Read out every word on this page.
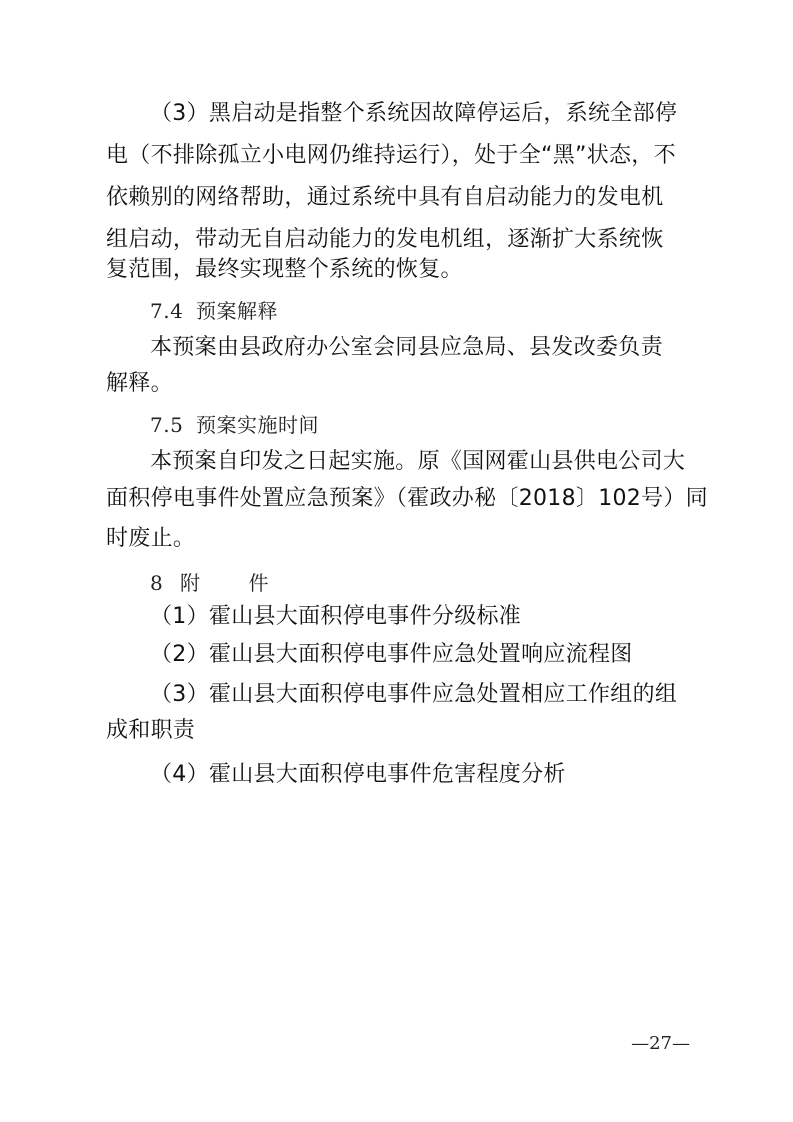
（3）黑启动是指整个系统因故障停运后，系统全部停
电（不排除孤立小电网仍维持运行），处于全“黑”状态，不
依赖别的网络帮助，通过系统中具有自启动能力的发电机
组启动，带动无自启动能力的发电机组，逐渐扩大系统恢
复范围，最终实现整个系统的恢复。
7.4 预案解释
本预案由县政府办公室会同县应急局、县发改委负责
解释。
7.5 预案实施时间
本预案自印发之日起实施。原《国网霍山县供电公司大
面积停电事件处置应急预案》（霍政办秘〔2018〕102号）同
时废止。
8 附 件
（1）霍山县大面积停电事件分级标准
（2）霍山县大面积停电事件应急处置响应流程图
（3）霍山县大面积停电事件应急处置相应工作组的组
成和职责
（4）霍山县大面积停电事件危害程度分析
—27—
